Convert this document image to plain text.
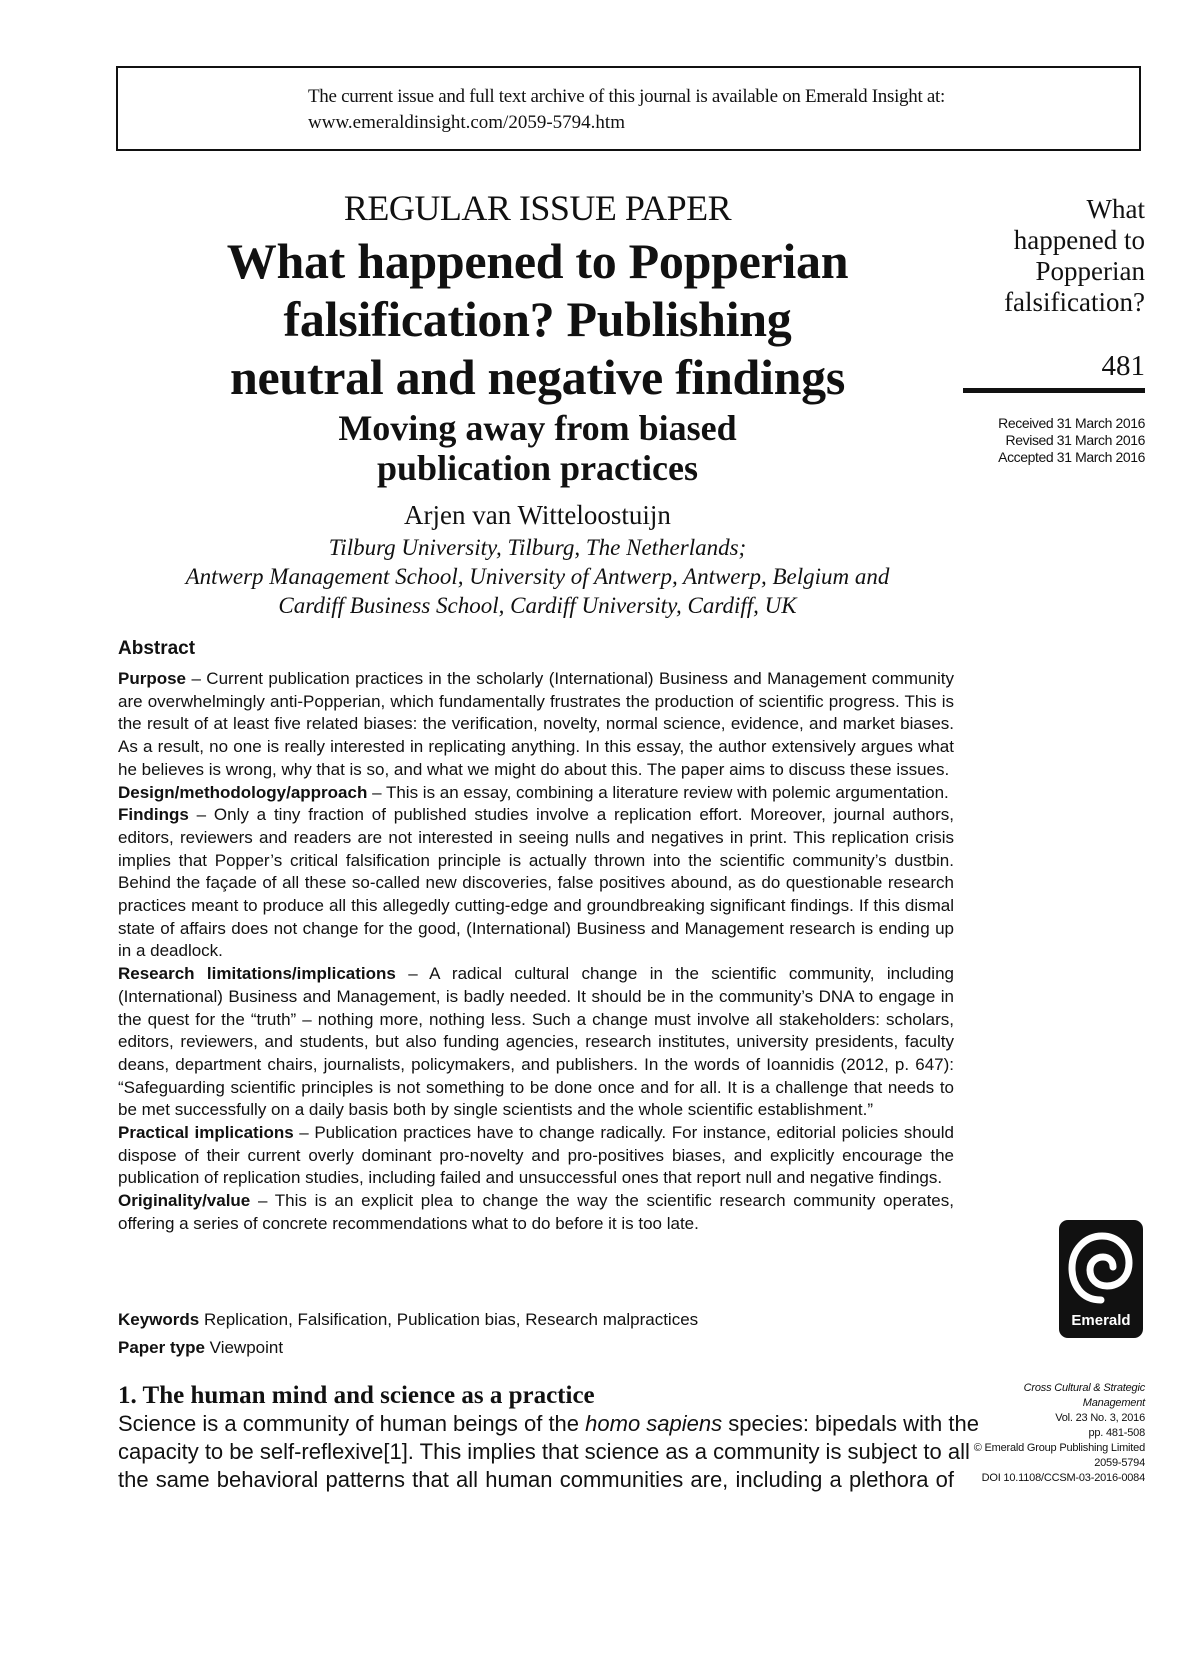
The current issue and full text archive of this journal is available on Emerald Insight at:
www.emeraldinsight.com/2059-5794.htm
REGULAR ISSUE PAPER
What happened to Popperian
falsification? Publishing
neutral and negative findings
Moving away from biased
publication practices
Arjen van Witteloostuijn
Tilburg University, Tilburg, The Netherlands;
Antwerp Management School, University of Antwerp, Antwerp, Belgium and
Cardiff Business School, Cardiff University, Cardiff, UK
What
happened to
Popperian
falsification?
481
Received 31 March 2016
Revised 31 March 2016
Accepted 31 March 2016
Abstract
Purpose – Current publication practices in the scholarly (International) Business and Management community are overwhelmingly anti-Popperian, which fundamentally frustrates the production of scientific progress. This is the result of at least five related biases: the verification, novelty, normal science, evidence, and market biases. As a result, no one is really interested in replicating anything. In this essay, the author extensively argues what he believes is wrong, why that is so, and what we might do about this. The paper aims to discuss these issues.
Design/methodology/approach – This is an essay, combining a literature review with polemic argumentation.
Findings – Only a tiny fraction of published studies involve a replication effort. Moreover, journal authors, editors, reviewers and readers are not interested in seeing nulls and negatives in print. This replication crisis implies that Popper’s critical falsification principle is actually thrown into the scientific community’s dustbin. Behind the façade of all these so-called new discoveries, false positives abound, as do questionable research practices meant to produce all this allegedly cutting-edge and groundbreaking significant findings. If this dismal state of affairs does not change for the good, (International) Business and Management research is ending up in a deadlock.
Research limitations/implications – A radical cultural change in the scientific community, including (International) Business and Management, is badly needed. It should be in the community’s DNA to engage in the quest for the “truth” – nothing more, nothing less. Such a change must involve all stakeholders: scholars, editors, reviewers, and students, but also funding agencies, research institutes, university presidents, faculty deans, department chairs, journalists, policymakers, and publishers. In the words of Ioannidis (2012, p. 647): “Safeguarding scientific principles is not something to be done once and for all. It is a challenge that needs to be met successfully on a daily basis both by single scientists and the whole scientific establishment.”
Practical implications – Publication practices have to change radically. For instance, editorial policies should dispose of their current overly dominant pro-novelty and pro-positives biases, and explicitly encourage the publication of replication studies, including failed and unsuccessful ones that report null and negative findings.
Originality/value – This is an explicit plea to change the way the scientific research community operates, offering a series of concrete recommendations what to do before it is too late.
Keywords Replication, Falsification, Publication bias, Research malpractices
Paper type Viewpoint
Emerald
1. The human mind and science as a practice
Science is a community of human beings of the homo sapiens species: bipedals with the
capacity to be self-reflexive[1]. This implies that science as a community is subject to all
the same behavioral patterns that all human communities are, including a plethora of
Cross Cultural & Strategic
Management
Vol. 23 No. 3, 2016
pp. 481-508
© Emerald Group Publishing Limited
2059-5794
DOI 10.1108/CCSM-03-2016-0084
